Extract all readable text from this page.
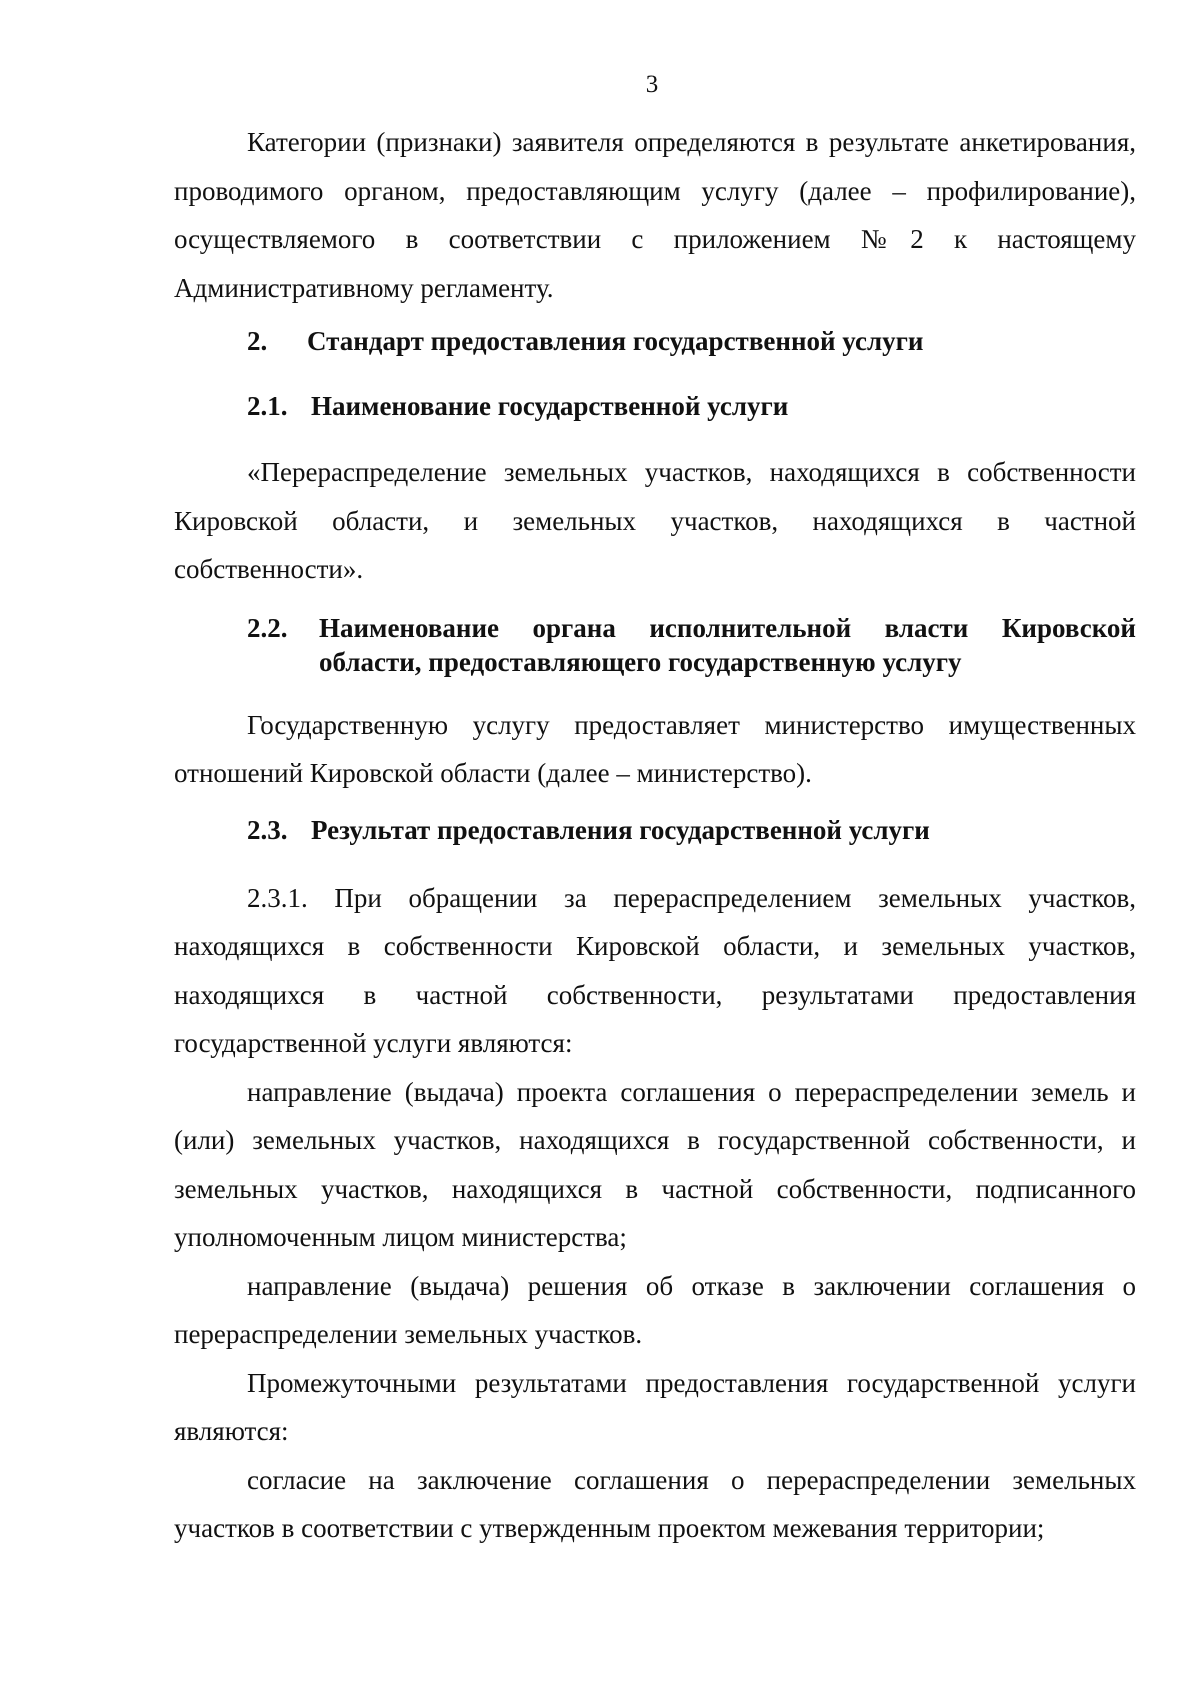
3

Категории (признаки) заявителя определяются в результате анкетирования, проводимого органом, предоставляющим услугу (далее – профилирование), осуществляемого в соответствии с приложением №2 к настоящему Административному регламенту.

2.	Стандарт предоставления государственной услуги
2.1. Наименование государственной услуги

«Перераспределение земельных участков, находящихся в собственности Кировской области, и земельных участков, находящихся в частной собственности».

2.2.	Наименование органа исполнительной власти Кировской области, предоставляющего государственную услугу

Государственную услугу предоставляет министерство имущественных отношений Кировской области (далее – министерство).

2.3. Результат предоставления государственной услуги

2.3.1. При обращении за перераспределением земельных участков, находящихся в собственности Кировской области, и земельных участков, находящихся в частной собственности, результатами предоставления государственной услуги являются:

направление (выдача) проекта соглашения о перераспределении земель и (или) земельных участков, находящихся в государственной собственности, и земельных участков, находящихся в частной собственности, подписанного уполномоченным лицом министерства;

направление (выдача) решения об отказе в заключении соглашения о перераспределении земельных участков.

Промежуточными результатами предоставления государственной услуги являются:

согласие на заключение соглашения о перераспределении земельных участков в соответствии с утвержденным проектом межевания территории;
